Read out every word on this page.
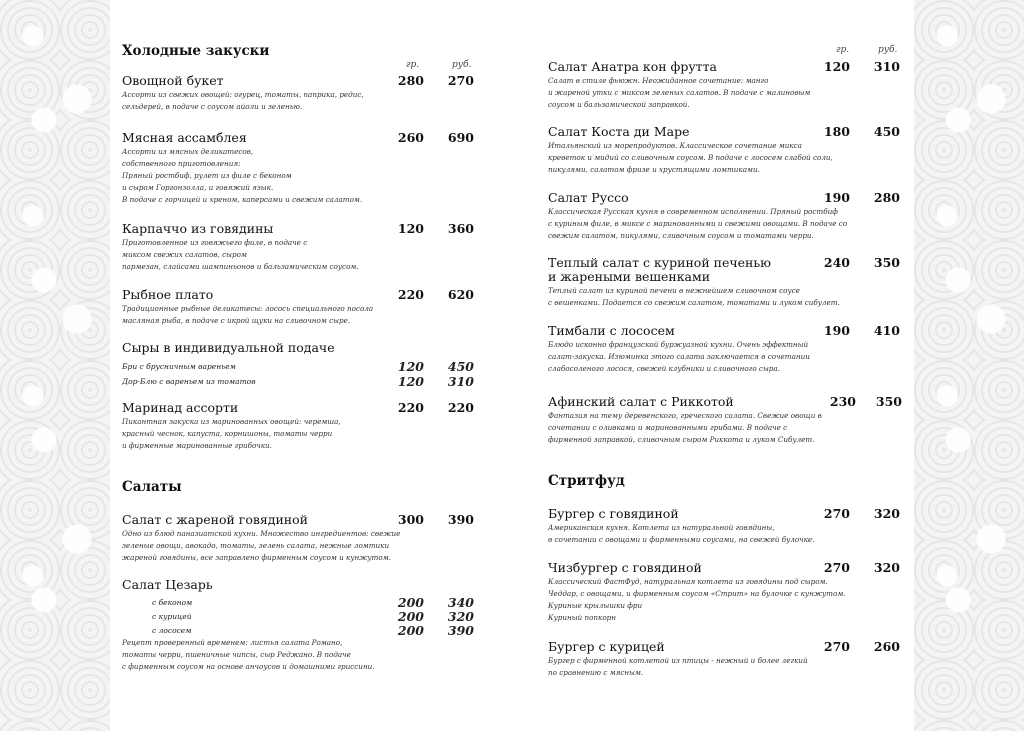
Холодные закуски
гр.	руб.
Овощной букет	280	270
Ассорти из свежих овощей: огурец, томаты, паприка, редис,
сельдерей, в подаче с соусом айоли и зеленью.
Мясная ассамблея	260	690
Ассорти из мясных деликатесов,
собственного приготовления:
Пряный ростбиф, рулет из филе с беконом
и сыром Горгонзолла, и говяжий язык.
В подаче с горчицей и хреном, каперсами и свежим салатом.
Карпаччо из говядины	120	360
Приготовленное из говяжьего филе, в подаче с
миксом свежих салатов, сыром
пармезан, слайсами шампиньонов и бальзамическим соусом.
Рыбное плато	220	620
Традиционные рыбные деликатесы: лосось специального посола
масляная рыба, в подаче с икрой щуки на сливочном сыре.
Сыры в индивидуальной подаче
Бри с брусничным вареньем	120	450
Дор-Блю с вареньем из томатов	120	310
Маринад ассорти	220	220
Пикантная закуска из маринованных овощей: черемша,
красный чеснок, капуста, корнишоны, томаты черри
и фирменные маринованные грибочки.
Салаты
Салат с жареной говядиной	300	390
Одно из блюд паназиатской кухни. Множество ингредиентов: свежие
зеленые овощи, авокадо, томаты, зелень салата, нежные ломтики
жареной говядины, все заправлено фирменным соусом и кунжутом.
Салат Цезарь
с беконом	200	340
с курицей	200	320
с лососем	200	390
Рецепт проверенный временем: листья салата Романо,
томаты черри, пшеничные чипсы, сыр Реджано. В подаче
с фирменным соусом на основе анчоусов и домашними гриссини.
гр.	руб.
Салат Анатра кон фрутта	120	310
Салат в стиле фьюжн. Неожиданное сочетание: манго
и жареной утки с миксом зеленых салатов. В подаче с малиновым
соусом и бальзамической заправкой.
Салат Коста ди Маре	180	450
Итальянский из морепродуктов. Классическое сочетание микса
креветок и мидий со сливочным соусом. В подаче с лососем слабой соли,
пикулями, салатом фризе и хрустящими ломтиками.
Салат Руссо	190	280
Классическая Русская кухня в современном исполнении. Пряный ростбиф
с куриным филе, в миксе с маринованными и свежими овощами. В подаче со
свежим салатом, пикулями, сливочным соусом и томатами черри.
Теплый салат с куриной печенью
и жареными вешенками
240	350
Теплый салат из куриной печени в нежнейшем сливочном соусе
с вешенками. Подается со свежим салатом, томатами и луком сибулет.
Тимбали с лососем	190	410
Блюдо исконно французской буржуазной кухни. Очень эффектный
салат-закуска. Изюминка этого салата заключается в сочетании
слабосоленого лосося, свежей клубники и сливочного сыра.
Афинский салат с Риккотой	230	350
Фантазия на тему деревенского, греческого салата. Свежие овощи в
сочетании с оливками и маринованными грибами. В подаче с
фирменной заправкой, сливочным сыром Риккота и луком Сибулет.
Стритфуд
Бургер с говядиной	270	320
Американская кухня. Котлета из натуральной говядины,
в сочетании с овощами и фирменными соусами, на свежей булочке.
Чизбургер с говядиной	270	320
Классический ФастФуд, натуральная котлета из говядины под сыром.
Чеддар, с овощами, и фирменным соусом «Стрит» на булочке с кунжутом.
Куриные крылышки фри
Куриный попкорн
Бургер с курицей	270	260
Бургер с фирменной котлетой из птицы - нежный и более легкий
по сравнению с мясным.
